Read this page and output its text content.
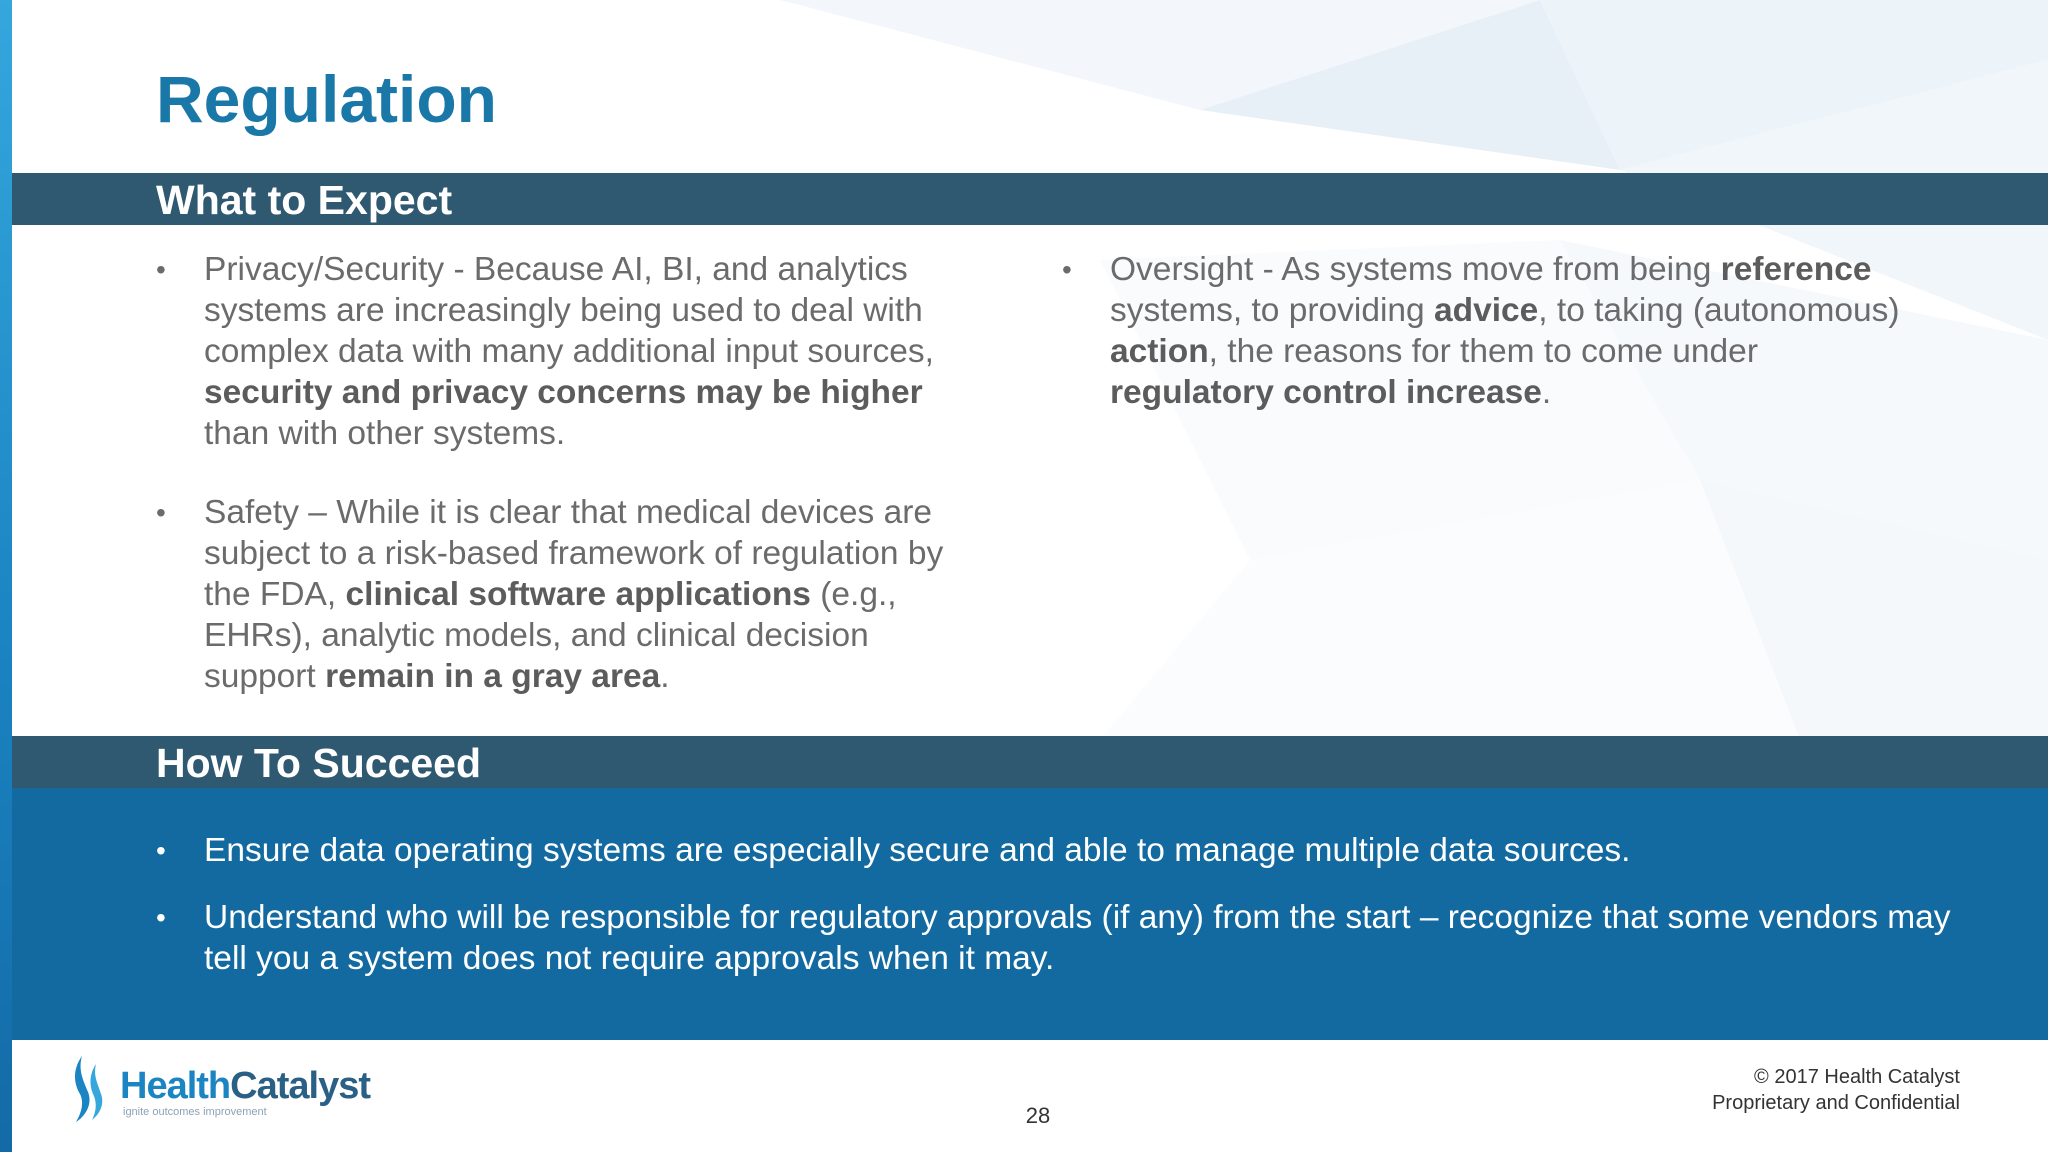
Regulation
What to Expect
•	Privacy/Security - Because AI, BI, and analytics systems are increasingly being used to deal with complex data with many additional input sources, security and privacy concerns may be higher than with other systems.
•	Safety – While it is clear that medical devices are subject to a risk-based framework of regulation by the FDA, clinical software applications (e.g., EHRs), analytic models, and clinical decision support remain in a gray area.
•	Oversight - As systems move from being reference systems, to providing advice, to taking (autonomous) action, the reasons for them to come under regulatory control increase.
How To Succeed
•	Ensure data operating systems are especially secure and able to manage multiple data sources.
•	Understand who will be responsible for regulatory approvals (if any) from the start – recognize that some vendors may tell you a system does not require approvals when it may.
HealthCatalyst
ignite outcomes improvement	28
© 2017 Health Catalyst
Proprietary and Confidential
